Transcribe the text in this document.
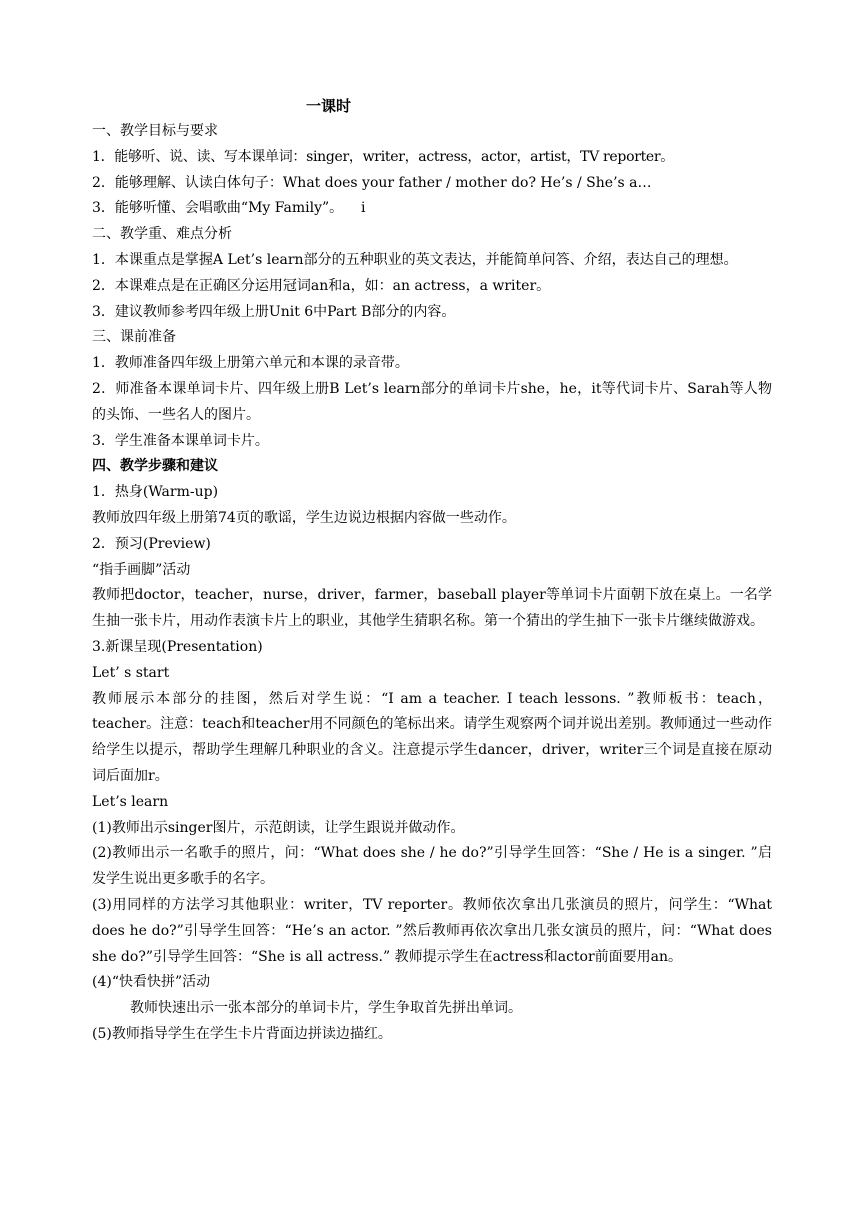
一课时
一、教学目标与要求
1．能够听、说、读、写本课单词：singer，writer，actress，actor，artist，TV reporter。
2．能够理解、认读白体句子：What does your father / mother do? He’s / She’s a…
3．能够听懂、会唱歌曲“My Family”。    i
二、教学重、难点分析
1．本课重点是掌握A Let’s learn部分的五种职业的英文表达，并能简单问答、介绍，表达自己的理想。
2．本课难点是在正确区分运用冠词an和a，如：an actress，a writer。
3．建议教师参考四年级上册Unit 6中Part B部分的内容。
三、课前准备
1．教师准备四年级上册第六单元和本课的录音带。
2．师准备本课单词卡片、四年级上册B Let’s learn部分的单词卡片she，he，it等代词卡片、Sarah等人物的头饰、一些名人的图片。
3．学生准备本课单词卡片。
四、教学步骤和建议
1．热身(Warm-up)
教师放四年级上册第74页的歌谣，学生边说边根据内容做一些动作。
2．预习(Preview)
“指手画脚”活动
教师把doctor，teacher，nurse，driver，farmer，baseball player等单词卡片面朝下放在桌上。一名学生抽一张卡片，用动作表演卡片上的职业，其他学生猜职名称。第一个猜出的学生抽下一张卡片继续做游戏。
3.新课呈现(Presentation)
Let’ s start
教师展示本部分的挂图，然后对学生说：“I am a teacher. I teach lessons. ”教师板书：teach，teacher。注意：teach和teacher用不同颜色的笔标出来。请学生观察两个词并说出差别。教师通过一些动作给学生以提示，帮助学生理解几种职业的含义。注意提示学生dancer，driver，writer三个词是直接在原动词后面加r。
Let’s learn
(1)教师出示singer图片，示范朗读，让学生跟说并做动作。
(2)教师出示一名歌手的照片，问：“What does she / he do?”引导学生回答：“She / He is a singer. ”启发学生说出更多歌手的名字。
(3)用同样的方法学习其他职业：writer，TV reporter。教师依次拿出几张演员的照片，问学生：“What does he do?”引导学生回答：“He’s an actor. ”然后教师再依次拿出几张女演员的照片，问：“What does she do?”引导学生回答：“She is all actress.” 教师提示学生在actress和actor前面要用an。
(4)“快看快拼”活动
教师快速出示一张本部分的单词卡片，学生争取首先拼出单词。
(5)教师指导学生在学生卡片背面边拼读边描红。
